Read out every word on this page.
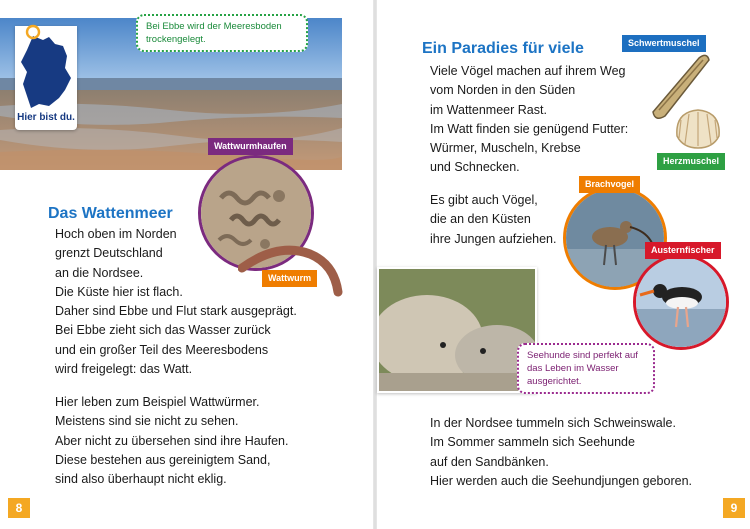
Hier bist du.
Bei Ebbe wird der Meeresboden trockengelegt.
Wattwurmhaufen
Wattwurm
Das Wattenmeer
Hoch oben im Norden
grenzt Deutschland
an die Nordsee.
Die Küste hier ist flach.
Daher sind Ebbe und Flut stark ausgeprägt.
Bei Ebbe zieht sich das Wasser zurück
und ein großer Teil des Meeresbodens
wird freigelegt: das Watt.
Hier leben zum Beispiel Wattwürmer.
Meistens sind sie nicht zu sehen.
Aber nicht zu übersehen sind ihre Haufen.
Diese bestehen aus gereinigtem Sand,
sind also überhaupt nicht eklig.
8
Ein Paradies für viele
Viele Vögel machen auf ihrem Weg
vom Norden in den Süden
im Wattenmeer Rast.
Im Watt finden sie genügend Futter:
Würmer, Muscheln, Krebse
und Schnecken.
Es gibt auch Vögel,
die an den Küsten
ihre Jungen aufziehen.
Schwertmuschel
Herzmuschel
Brachvogel
Seehunde sind perfekt auf das Leben im Wasser ausgerichtet.
Austernfischer
In der Nordsee tummeln sich Schweinswale.
Im Sommer sammeln sich Seehunde
auf den Sandbänken.
Hier werden auch die Seehundjungen geboren.
9
